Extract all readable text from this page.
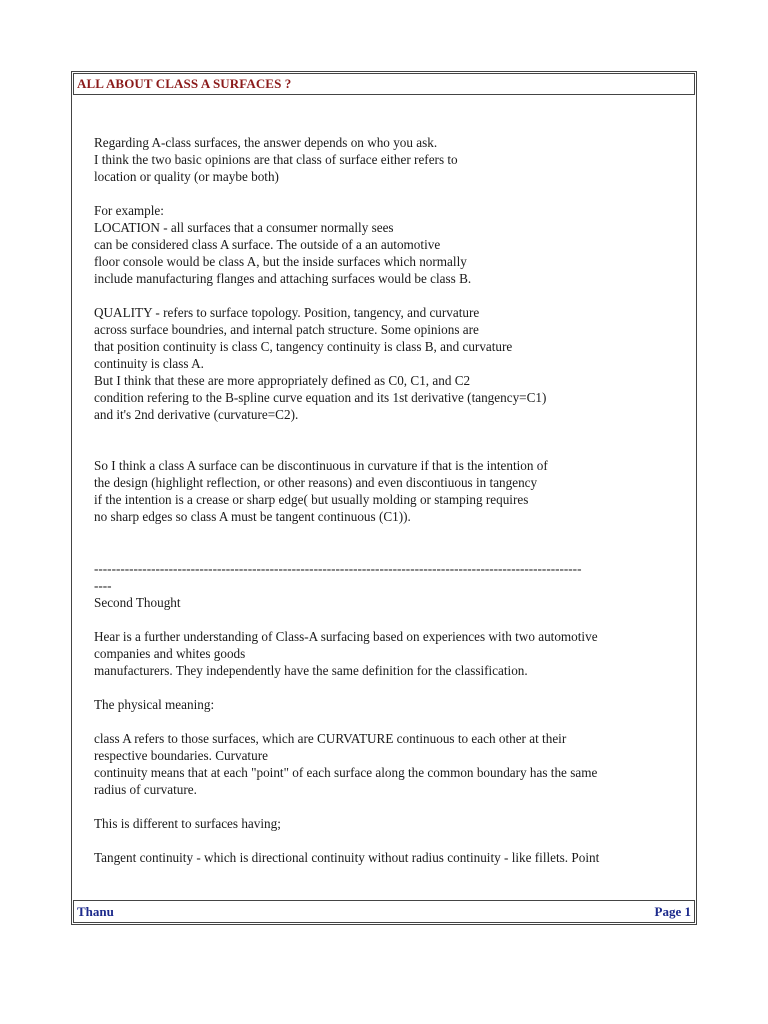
ALL ABOUT CLASS A SURFACES ?
Regarding A-class surfaces, the answer depends on who you ask.
I think the two basic opinions are that class of surface either refers to
location or quality (or maybe both)
For example:
LOCATION - all surfaces that a consumer normally sees
can be considered class A surface. The outside of a an automotive
floor console would be class A, but the inside surfaces which normally
include manufacturing flanges and attaching surfaces would be class B.
QUALITY - refers to surface topology. Position, tangency, and curvature
across surface boundries, and internal patch structure. Some opinions are
that position continuity is class C, tangency continuity is class B, and curvature
continuity is class A.
But I think that these are more appropriately defined as C0, C1, and C2
condition refering to the B-spline curve equation and its 1st derivative (tangency=C1)
and it's 2nd derivative (curvature=C2).
So I think a class A surface can be discontinuous in curvature if that is the intention of
the design (highlight reflection, or other reasons) and even discontiuous in tangency
if the intention is a crease or sharp edge( but usually molding or stamping requires
no sharp edges so class A must be tangent continuous (C1)).
---------------------------------------------------------------------------------------------------------------
----
Second Thought
Hear is a further understanding of Class-A surfacing based on experiences with two automotive
companies and whites goods
manufacturers. They independently have the same definition for the classification.
The physical meaning:
class A refers to those surfaces, which are CURVATURE continuous to each other at their
respective boundaries. Curvature
continuity means that at each "point" of each surface along the common boundary has the same
radius of curvature.
This is different to surfaces having;
Tangent continuity - which is directional continuity without radius continuity - like fillets. Point
Thanu	Page 1
